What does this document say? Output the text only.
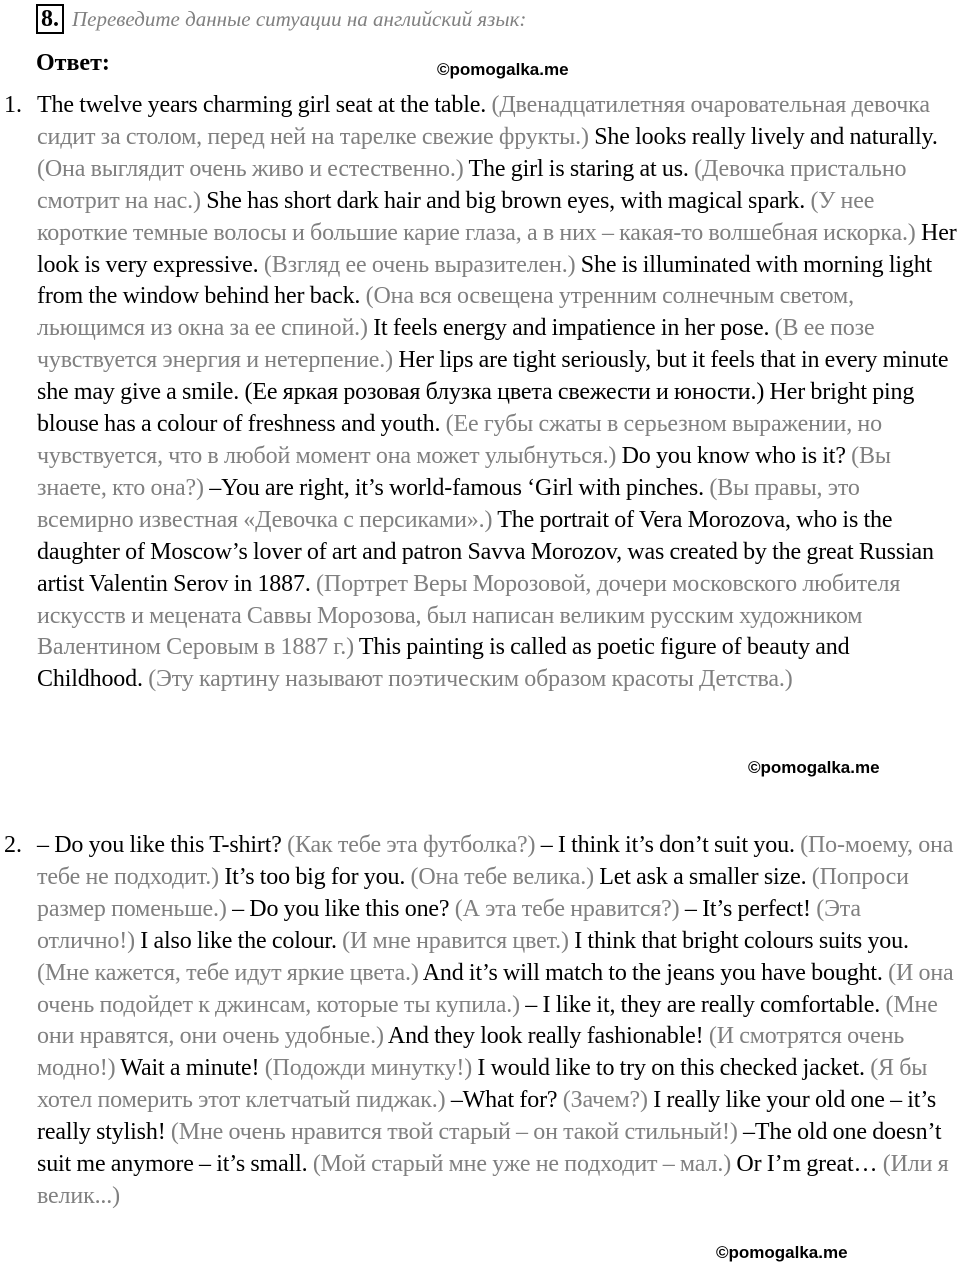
8. Переведите данные ситуации на английский язык:
Ответ:	©pomogalka.me
1. The twelve years charming girl seat at the table. (Двенадцатилетняя очаровательная девочка сидит за столом, перед ней на тарелке свежие фрукты.) She looks really lively and naturally. (Она выглядит очень живо и естественно.) The girl is staring at us. (Девочка пристально смотрит на нас.) She has short dark hair and big brown eyes, with magical spark. (У нее короткие темные волосы и большие карие глаза, а в них – какая-то волшебная искорка.) Her look is very expressive. (Взгляд ее очень выразителен.) She is illuminated with morning light from the window behind her back. (Она вся освещена утренним солнечным светом, льющимся из окна за ее спиной.) It feels energy and impatience in her pose. (В ее позе чувствуется энергия и нетерпение.) Her lips are tight seriously, but it feels that in every minute she may give a smile. (Ее яркая розовая блузка цвета свежести и юности.) Her bright ping blouse has a colour of freshness and youth. (Ее губы сжаты в серьезном выражении, но чувствуется, что в любой момент она может улыбнуться.) Do you know who is it? (Вы знаете, кто она?) –You are right, it’s world-famous ‘Girl with pinches. (Вы правы, это всемирно известная «Девочка с персиками».) The portrait of Vera Morozova, who is the daughter of Moscow’s lover of art and patron Savva Morozov, was created by the great Russian artist Valentin Serov in 1887. (Портрет Веры Морозовой, дочери московского любителя искусств и мецената Саввы Морозова, был написан великим русским художником Валентином Серовым в 1887 г.) This painting is called as poetic figure of beauty and Childhood. (Эту картину называют поэтическим образом красоты Детства.)
©pomogalka.me
2. – Do you like this T-shirt? (Как тебе эта футболка?) – I think it’s don’t suit you. (По-моему, она тебе не подходит.) It’s too big for you. (Она тебе велика.) Let ask a smaller size. (Попроси размер поменьше.) – Do you like this one? (А эта тебе нравится?) – It’s perfect! (Эта отлично!) I also like the colour. (И мне нравится цвет.) I think that bright colours suits you. (Мне кажется, тебе идут яркие цвета.) And it’s will match to the jeans you have bought. (И она очень подойдет к джинсам, которые ты купила.) – I like it, they are really comfortable. (Мне они нравятся, они очень удобные.) And they look really fashionable! (И смотрятся очень модно!) Wait a minute! (Подожди минутку!) I would like to try on this checked jacket. (Я бы хотел померить этот клетчатый пиджак.) –What for? (Зачем?) I really like your old one – it’s really stylish! (Мне очень нравится твой старый – он такой стильный!) –The old one doesn’t suit me anymore – it’s small. (Мой старый мне уже не подходит – мал.) Or I’m great… (Или я велик...)
©pomogalka.me
